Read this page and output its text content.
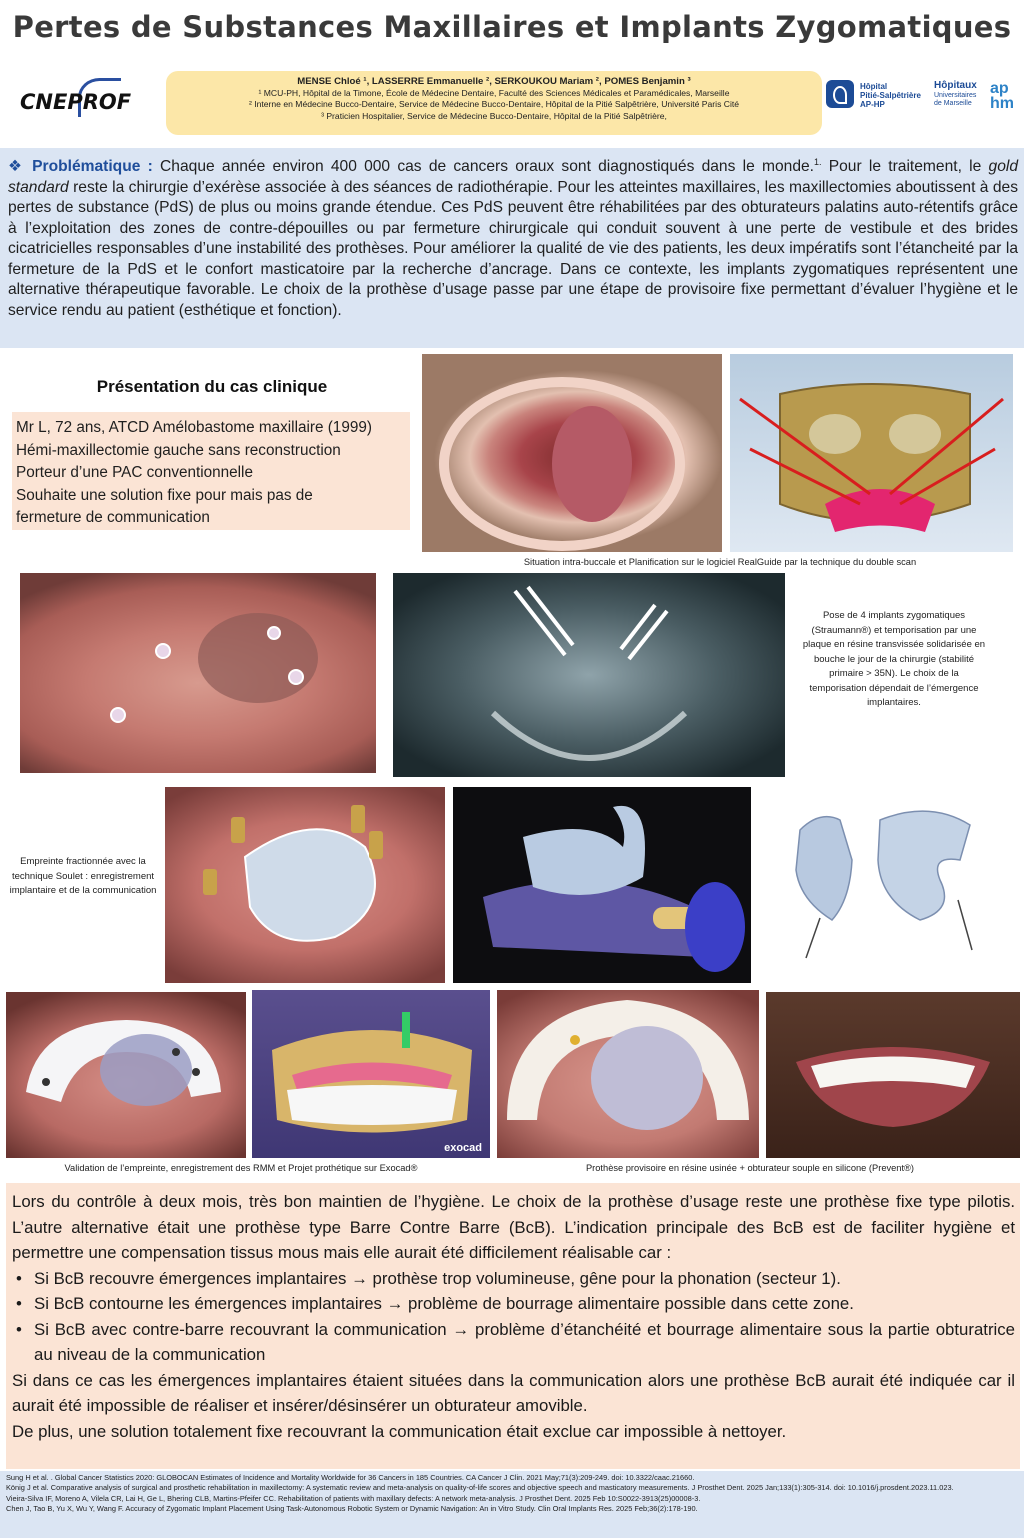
Pertes de Substances Maxillaires et Implants Zygomatiques
CNEPROF
MENSE Chloé ¹, LASSERRE Emmanuelle ², SERKOUKOU Mariam ², POMES Benjamin ³
¹ MCU-PH, Hôpital de la Timone, École de Médecine Dentaire, Faculté des Sciences Médicales et Paramédicales, Marseille
² Interne en Médecine Bucco-Dentaire, Service de Médecine Bucco-Dentaire, Hôpital de la Pitié Salpêtrière, Université Paris Cité
³ Praticien Hospitalier, Service de Médecine Bucco-Dentaire, Hôpital de la Pitié Salpêtrière,
Hôpital
Pitié-Salpêtrière
AP-HP
Hôpitaux
Universitaires
de Marseille
ap hm
❖ Problématique : Chaque année environ 400 000 cas de cancers oraux sont diagnostiqués dans le monde.$^{1.}$ Pour le traitement, le gold standard reste la chirurgie d’exérèse associée à des séances de radiothérapie. Pour les atteintes maxillaires, les maxillectomies aboutissent à des pertes de substance (PdS) de plus ou moins grande étendue. Ces PdS peuvent être réhabilitées par des obturateurs palatins auto-rétentifs grâce à l’exploitation des zones de contre-dépouilles ou par fermeture chirurgicale qui conduit souvent à une perte de vestibule et des brides cicatricielles responsables d’une instabilité des prothèses. Pour améliorer la qualité de vie des patients, les deux impératifs sont l’étancheité par la fermeture de la PdS et le confort masticatoire par la recherche d’ancrage. Dans ce contexte, les implants zygomatiques représentent une alternative thérapeutique favorable. Le choix de la prothèse d’usage passe par une étape de provisoire fixe permettant d’évaluer l’hygiène et le service rendu au patient (esthétique et fonction).
Présentation du cas clinique
Mr L, 72 ans, ATCD Amélobastome maxillaire (1999)
Hémi-maxillectomie gauche sans reconstruction
Porteur d’une PAC conventionnelle
Souhaite une solution fixe pour mais pas de
fermeture de communication
Situation intra-buccale et Planification sur le logiciel RealGuide par la technique du double scan
Pose de 4 implants zygomatiques (Straumann®) et temporisation par une plaque en résine transvissée solidarisée en bouche le jour de la chirurgie (stabilité primaire > 35N). Le choix de la temporisation dépendait de l’émergence implantaires.
Empreinte fractionnée avec la technique Soulet : enregistrement implantaire et de la communication
exocad
Validation de l’empreinte, enregistrement des RMM et Projet prothétique sur Exocad®	Prothèse provisoire en résine usinée + obturateur souple en silicone (Prevent®)
Lors du contrôle à deux mois, très bon maintien de l’hygiène. Le choix de la prothèse d’usage reste une prothèse fixe type pilotis. L’autre alternative était une prothèse type Barre Contre Barre (BcB). L’indication principale des BcB est de faciliter hygiène et permettre une compensation tissus mous mais elle aurait été difficilement réalisable car :
• Si BcB recouvre émergences implantaires → prothèse trop volumineuse, gêne pour la phonation (secteur 1).
• Si BcB contourne les émergences implantaires → problème de bourrage alimentaire possible dans cette zone.
• Si BcB avec contre-barre recouvrant la communication → problème d’étanchéité et bourrage alimentaire sous la partie obturatrice au niveau de la communication
Si dans ce cas les émergences implantaires étaient situées dans la communication alors une prothèse BcB aurait été indiquée car il aurait été impossible de réaliser et insérer/désinsérer un obturateur amovible.
De plus, une solution totalement fixe recouvrant la communication était exclue car impossible à nettoyer.
Sung H et al. . Global Cancer Statistics 2020: GLOBOCAN Estimates of Incidence and Mortality Worldwide for 36 Cancers in 185 Countries. CA Cancer J Clin. 2021 May;71(3):209-249. doi: 10.3322/caac.21660.
König J et al. Comparative analysis of surgical and prosthetic rehabilitation in maxillectomy: A systematic review and meta-analysis on quality-of-life scores and objective speech and masticatory measurements. J Prosthet Dent. 2025 Jan;133(1):305-314. doi: 10.1016/j.prosdent.2023.11.023.
Vieira-Silva IF, Moreno A, Vilela CR, Lai H, Ge L, Bhering CLB, Martins-Pfeifer CC. Rehabilitation of patients with maxillary defects: A network meta-analysis. J Prosthet Dent. 2025 Feb 10:S0022-3913(25)00008-3.
Chen J, Tao B, Yu X, Wu Y, Wang F. Accuracy of Zygomatic Implant Placement Using Task-Autonomous Robotic System or Dynamic Navigation: An in Vitro Study. Clin Oral Implants Res. 2025 Feb;36(2):178-190.
